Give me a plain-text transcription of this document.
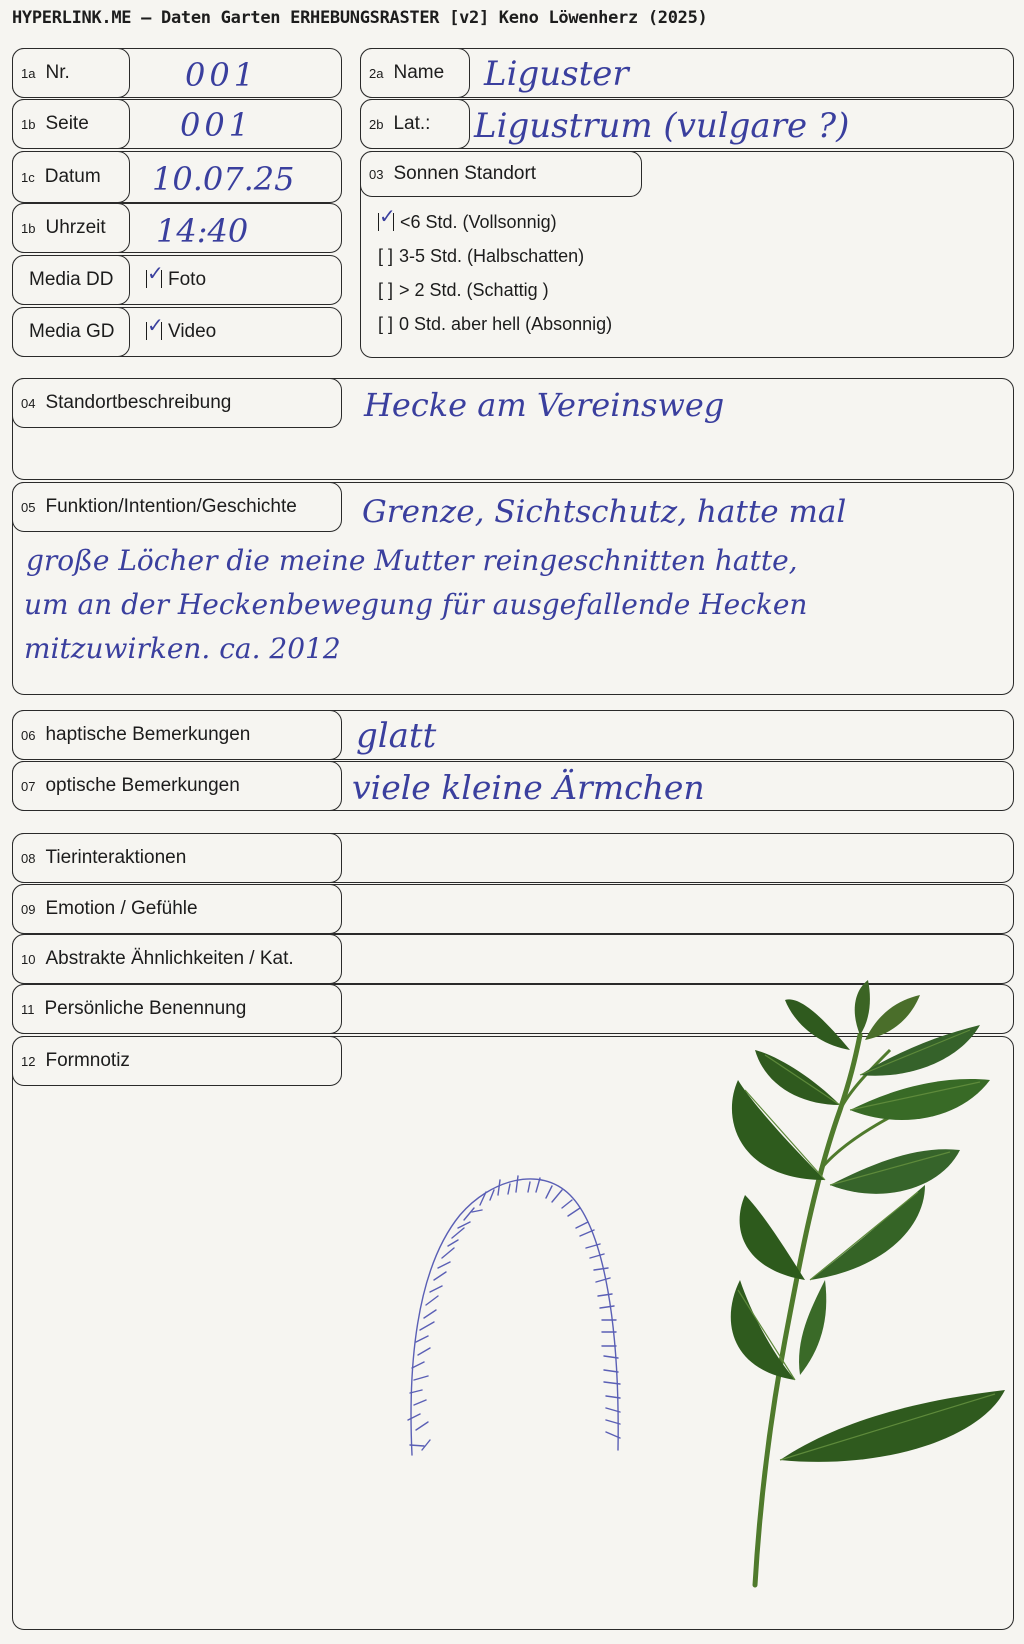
HYPERLINK.ME – Daten Garten ERHEBUNGSRASTER [v2] Keno Löwenherz (2025)
1a Nr.	001
1b Seite	001
1c Datum 10.07.25
1b Uhrzeit 14:40
Media DD ✓ Foto
Media GD ✓ Video
2a Name Liguster
2b Lat.: Ligustrum (vulgare ?)
03 Sonnen Standort
✓ <6 Std. (Vollsonnig)
[ ] 3-5 Std. (Halbschatten)
[ ] > 2 Std. (Schattig )
[ ] 0 Std. aber hell (Absonnig)
04 Standortbeschreibung	Hecke am Vereinsweg
05 Funktion/Intention/Geschichte Grenze, Sichtschutz, hatte mal
große Löcher die meine Mutter reingeschnitten hatte,
um an der Heckenbewegung für ausgefallende Hecken
mitzuwirken. ca. 2012
06 haptische Bemerkungen	glatt
07 optische Bemerkungen	viele kleine Ärmchen
08 Tierinteraktionen
09 Emotion / Gefühle
10 Abstrakte Ähnlichkeiten / Kat.
11 Persönliche Benennung
12 Formnotiz
